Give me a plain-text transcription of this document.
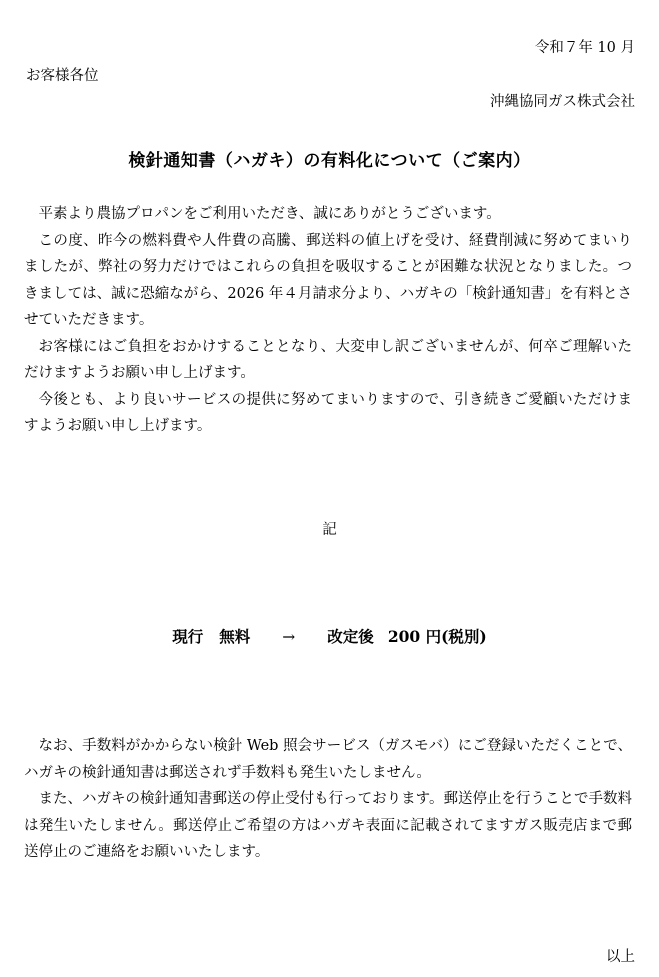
令和７年 10 月
お客様各位
沖縄協同ガス株式会社
検針通知書（ハガキ）の有料化について（ご案内）

平素より農協プロパンをご利用いただき、誠にありがとうございます。

この度、昨今の燃料費や人件費の高騰、郵送料の値上げを受け、経費削減に努めてまいりましたが、弊社の努力だけではこれらの負担を吸収することが困難な状況となりました。つきましては、誠に恐縮ながら、2026 年４月請求分より、ハガキの「検針通知書」を有料とさせていただきます。

お客様にはご負担をおかけすることとなり、大変申し訳ございませんが、何卒ご理解いただけますようお願い申し上げます。

今後とも、より良いサービスの提供に努めてまいりますので、引き続きご愛顧いただけますようお願い申し上げます。

記
現行 無料 → 改定後 200 円(税別)

なお、手数料がかからない検針 Web 照会サービス（ガスモバ）にご登録いただくことで、ハガキの検針通知書は郵送されず手数料も発生いたしません。

また、ハガキの検針通知書郵送の停止受付も行っております。郵送停止を行うことで手数料は発生いたしません。郵送停止ご希望の方はハガキ表面に記載されてますガス販売店まで郵送停止のご連絡をお願いいたします。

以上
